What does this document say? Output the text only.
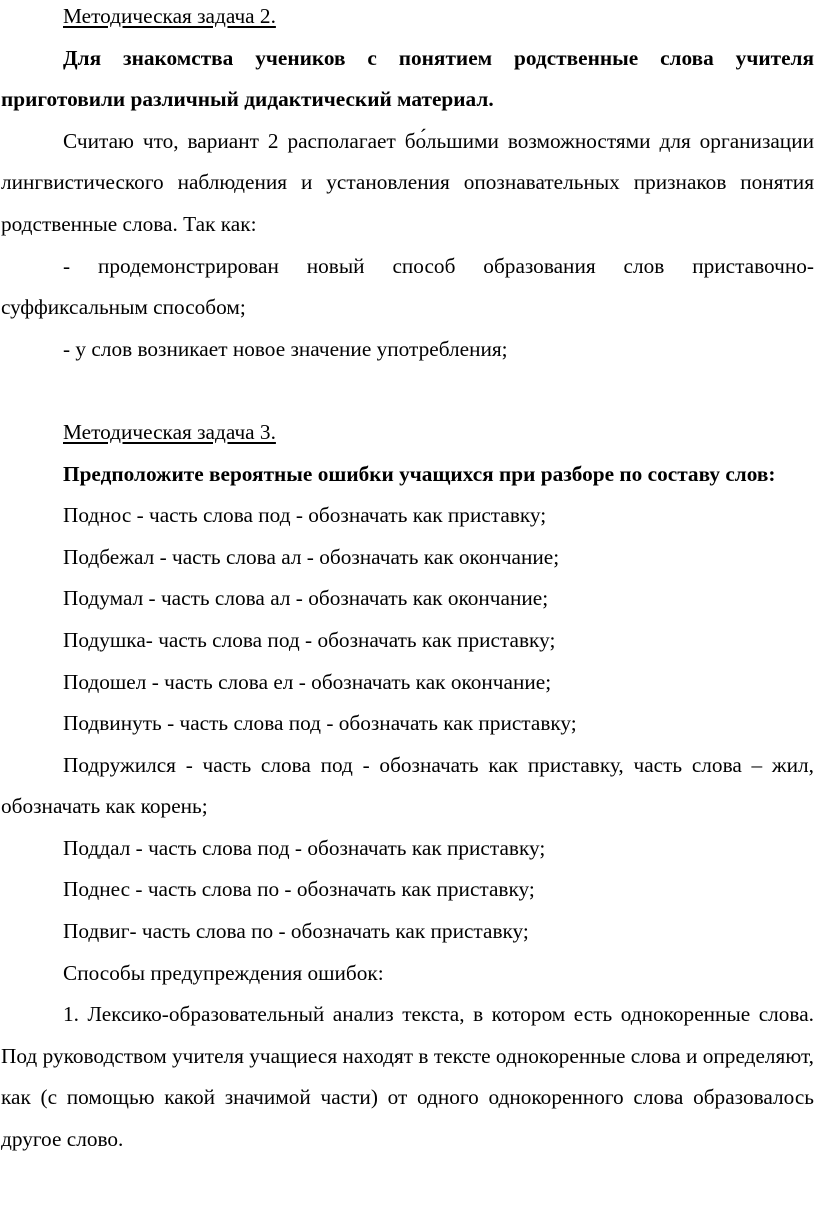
Методическая задача 2.

Для знакомства учеников с понятием родственные слова учителя приготовили различный дидактический материал.

Считаю что, вариант 2 располагает бо́льшими возможностями для организации лингвистического наблюдения и установления опознавательных признаков понятия родственные слова. Так как:

- продемонстрирован новый способ образования слов приставочно-суффиксальным способом;

- у слов возникает новое значение употребления;

Методическая задача 3.

Предположите вероятные ошибки учащихся при разборе по составу слов:

Поднос - часть слова под - обозначать как приставку;

Подбежал - часть слова ал - обозначать как окончание;

Подумал - часть слова ал - обозначать как окончание;

Подушка- часть слова под - обозначать как приставку;

Подошел - часть слова ел - обозначать как окончание;

Подвинуть - часть слова под - обозначать как приставку;

Подружился - часть слова под - обозначать как приставку, часть слова – жил, обозначать как корень;

Поддал - часть слова под - обозначать как приставку;

Поднес - часть слова по - обозначать как приставку;

Подвиг- часть слова по - обозначать как приставку;

Способы предупреждения ошибок:

1. Лексико-образовательный анализ текста, в котором есть однокоренные слова. Под руководством учителя учащиеся находят в тексте однокоренные слова и определяют, как (с помощью какой значимой части) от одного однокоренного слова образовалось другое слово.
